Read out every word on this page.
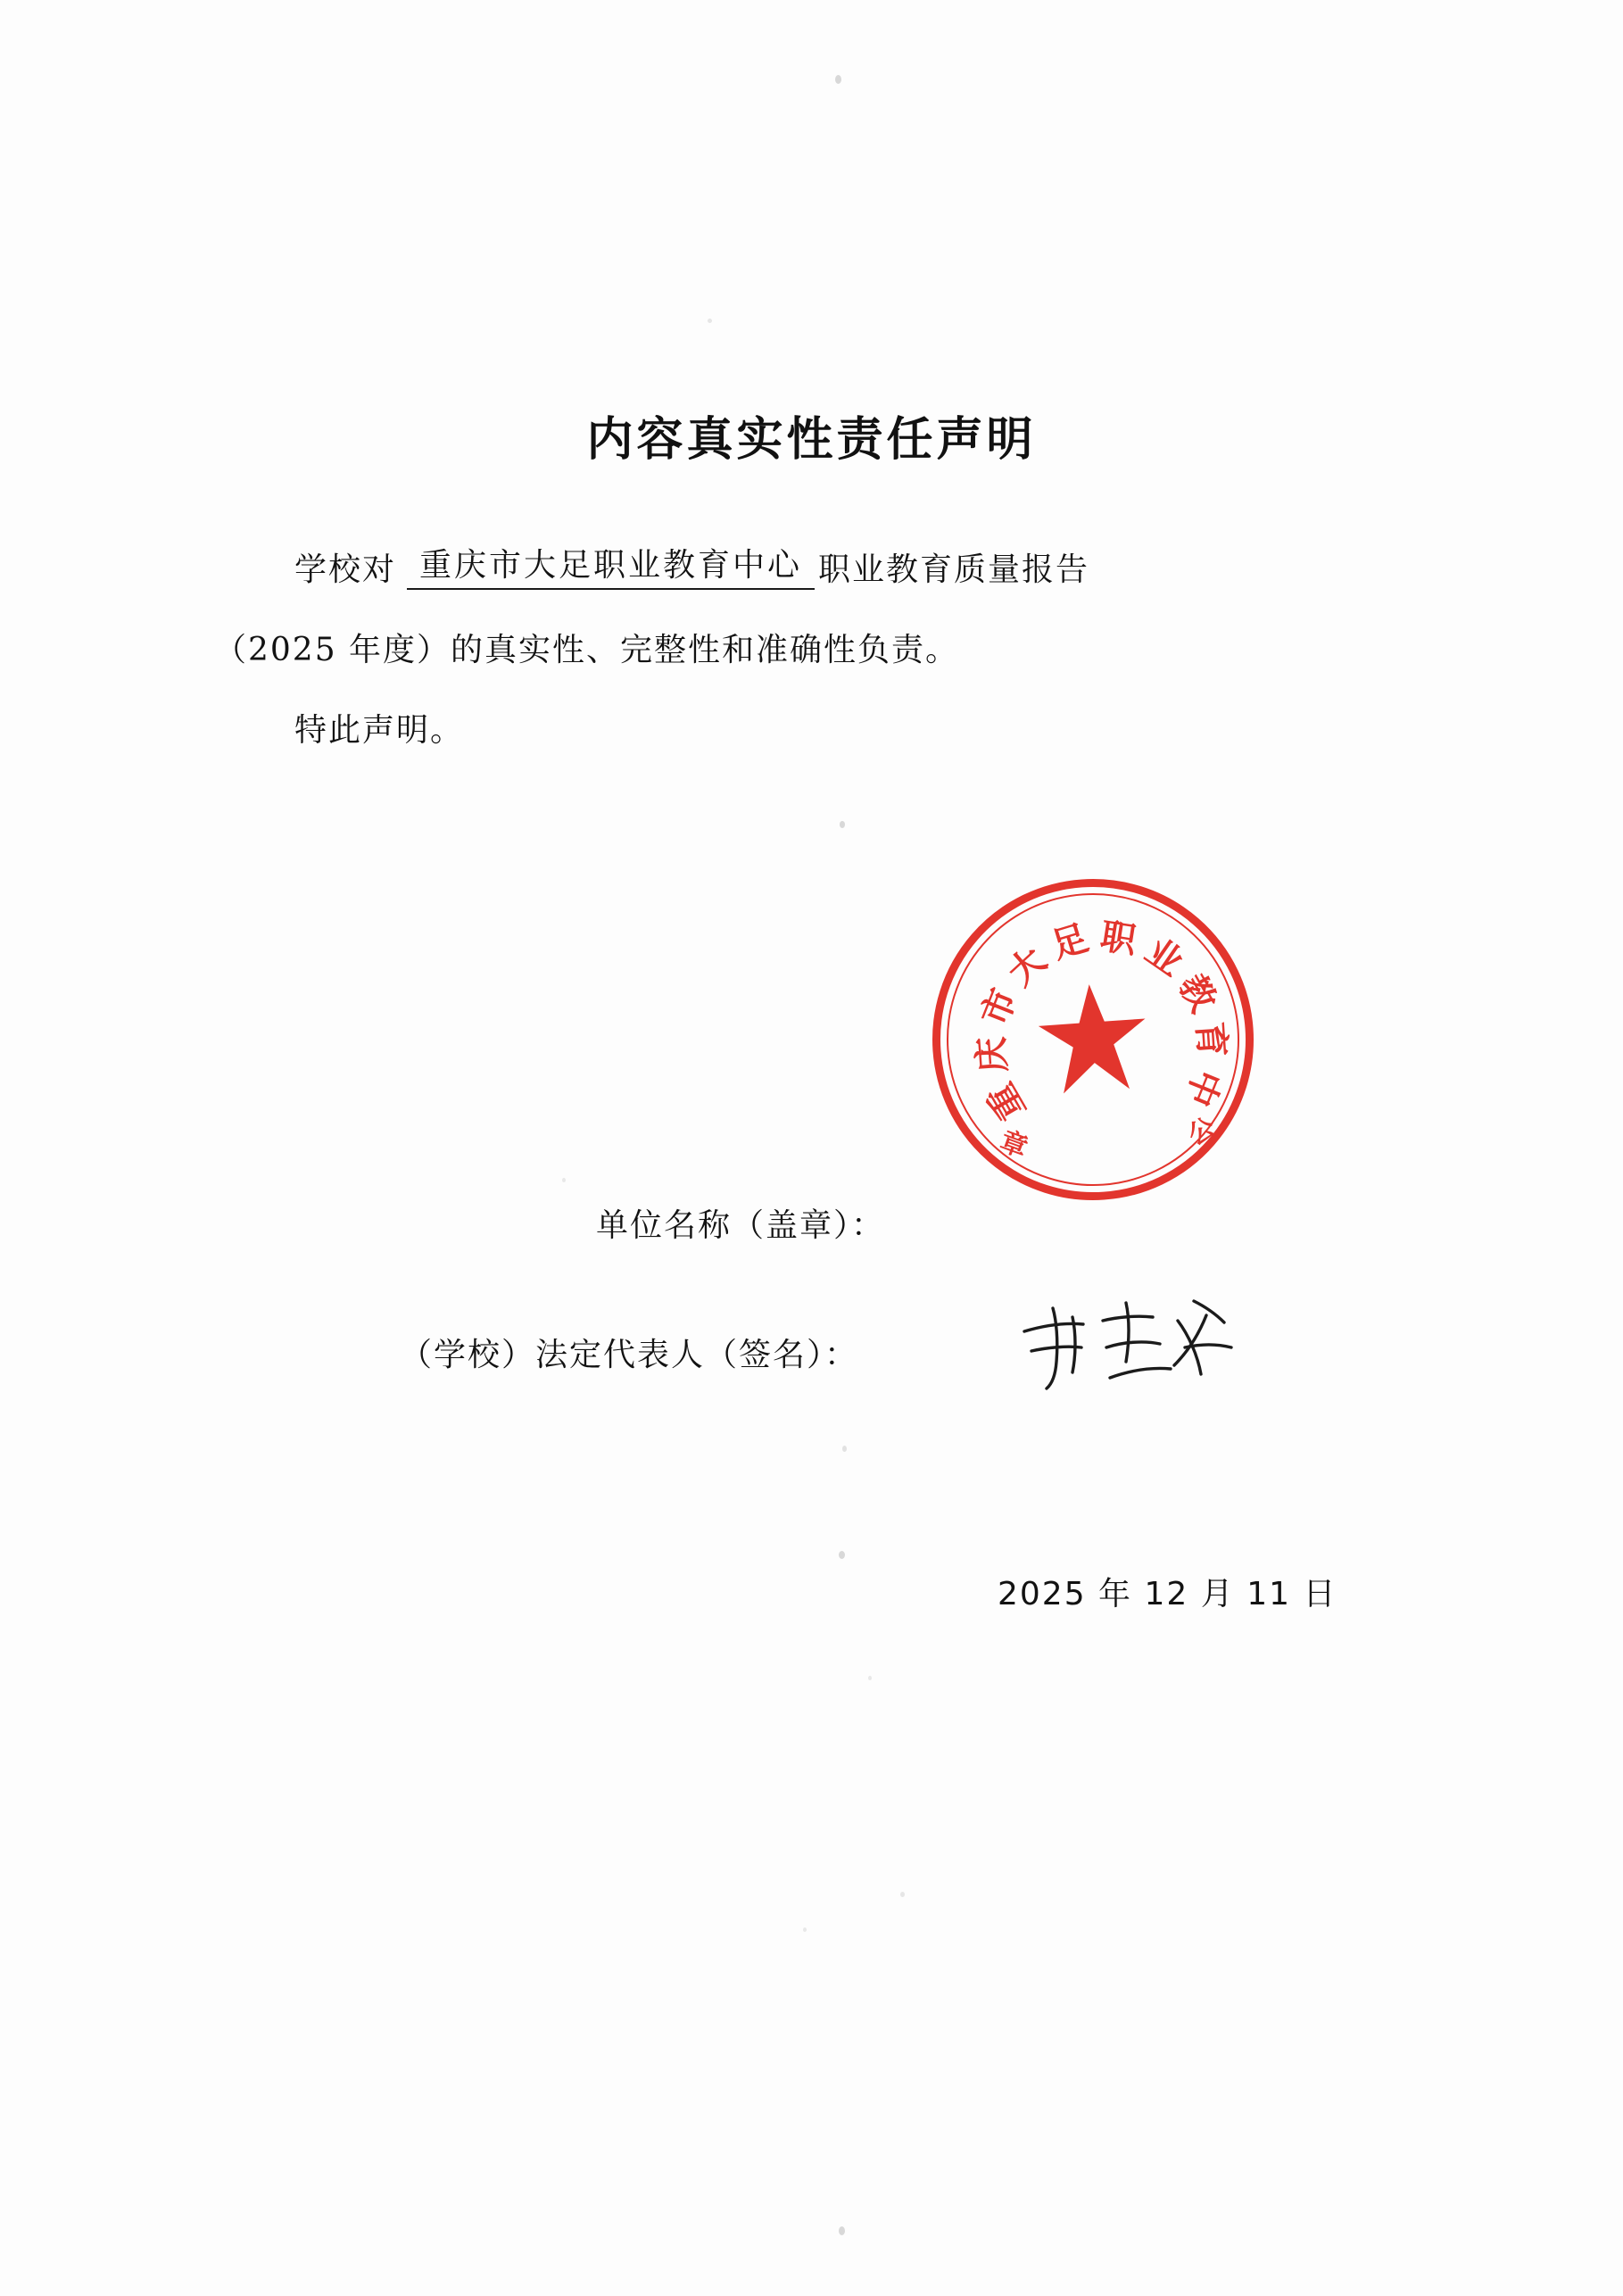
内容真实性责任声明
学校对 重庆市大足职业教育中心 职业教育质量报告
（2025 年度）的真实性、完整性和准确性负责。
特此声明。
重
庆
市
大
足 职
业
教
育
中
公
章
单位名称（盖章）：
（学校）法定代表人（签名）：
2025 年 12 月 11 日
